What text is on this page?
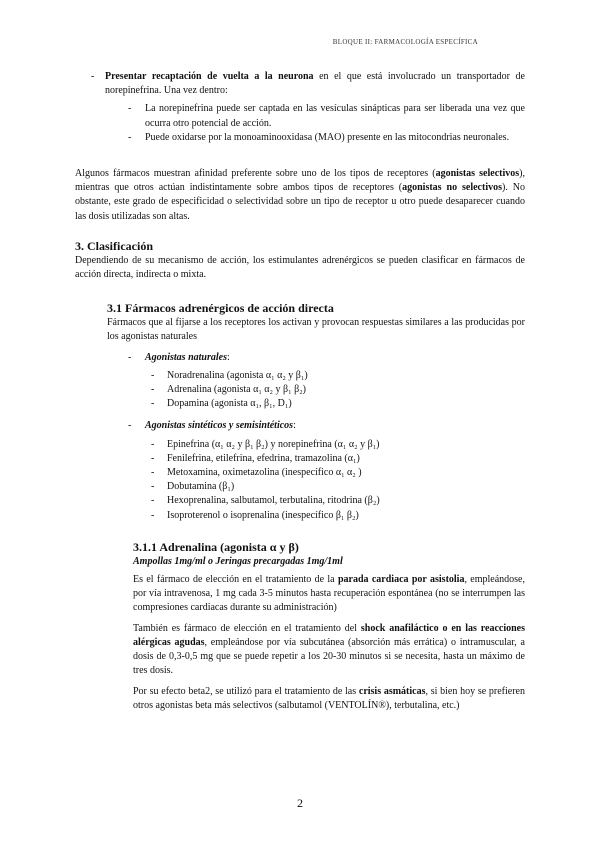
BLOQUE II: FARMACOLOGÍA ESPECÍFICA
- Presentar recaptación de vuelta a la neurona en el que está involucrado un transportador de norepinefrina. Una vez dentro:
- La norepinefrina puede ser captada en las vesículas sinápticas para ser liberada una vez que ocurra otro potencial de acción.
- Puede oxidarse por la monoaminooxidasa (MAO) presente en las mitocondrias neuronales.

Algunos fármacos muestran afinidad preferente sobre uno de los tipos de receptores (agonistas selectivos), mientras que otros actúan indistintamente sobre ambos tipos de receptores (agonistas no selectivos). No obstante, este grado de especificidad o selectividad sobre un tipo de receptor u otro puede desaparecer cuando las dosis utilizadas son altas.

3. Clasificación

Dependiendo de su mecanismo de acción, los estimulantes adrenérgicos se pueden clasificar en fármacos de acción directa, indirecta o mixta.

3.1 Fármacos adrenérgicos de acción directa

Fármacos que al fijarse a los receptores los activan y provocan respuestas similares a las producidas por los agonistas naturales

- Agonistas naturales:
- Noradrenalina (agonista α₁ α₂ y β₁)
- Adrenalina (agonista α₁ α₂ y β₁ β₂)
- Dopamina (agonista α₁, β₁, D₁)
- Agonistas sintéticos y semisintéticos:
- Epinefrina (α₁ α₂ y β₁ β₂) y norepinefrina (α₁ α₂ y β₁)
- Fenilefrina, etilefrina, efedrina, tramazolina (α₁)
- Metoxamina, oximetazolina (inespecífico α₁ α₂ )
- Dobutamina (β₁)
- Hexoprenalina, salbutamol, terbutalina, ritodrina (β₂)
- Isoproterenol o isoprenalina (inespecífico β₁ β₂)
3.1.1 Adrenalina (agonista α y β)
Ampollas 1mg/ml o Jeringas precargadas 1mg/1ml

Es el fármaco de elección en el tratamiento de la parada cardiaca por asistolia, empleándose, por vía intravenosa, 1 mg cada 3-5 minutos hasta recuperación espontánea (no se interrumpen las compresiones cardiacas durante su administración)

También es fármaco de elección en el tratamiento del shock anafiláctico o en las reacciones alérgicas agudas, empleándose por vía subcutánea (absorción más errática) o intramuscular, a dosis de 0,3-0,5 mg que se puede repetir a los 20-30 minutos si se necesita, hasta un máximo de tres dosis.

Por su efecto beta2, se utilizó para el tratamiento de las crisis asmáticas, si bien hoy se prefieren otros agonistas beta más selectivos (salbutamol (VENTOLÍN®), terbutalina, etc.)

2
